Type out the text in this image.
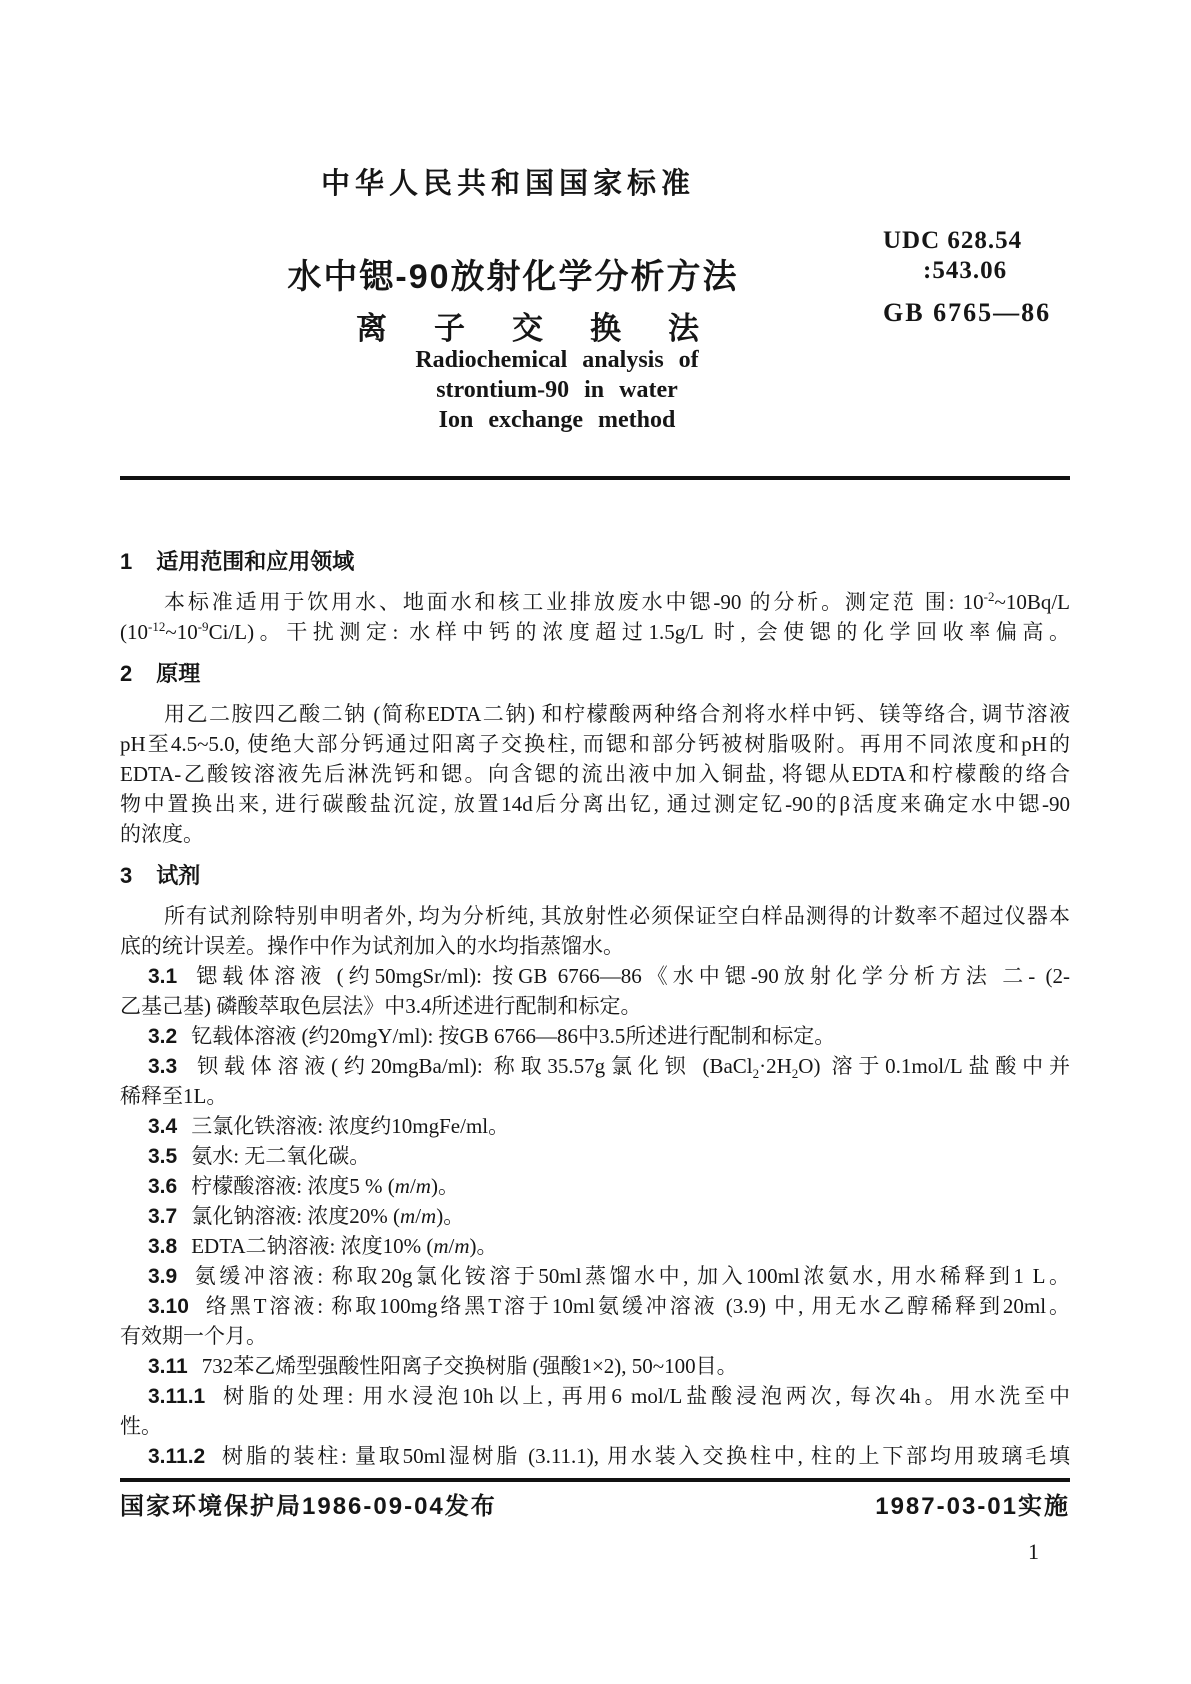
中华人民共和国国家标准
水中锶-90放射化学分析方法
离子交换法
UDC 628.54
:543.06
GB 6765—86
Radiochemical analysis of
strontium-90 in water
Ion exchange method
1 适用范围和应用领域
本标准适用于饮用水、地面水和核工业排放废水中锶-90 的分析。测定范 围: $10^{-2}\sim 10Bq/L$
$(10^{-12}\sim 10^{-9}Ci/L)$。干扰测定: 水样中钙的浓度超过1.5g/L 时, 会使锶的化学回收率偏高。
2 原理
用乙二胺四乙酸二钠 (简称EDTA二钠) 和柠檬酸两种络合剂将水样中钙、镁等络合, 调节溶液
pH至4.5~5.0, 使绝大部分钙通过阳离子交换柱, 而锶和部分钙被树脂吸附。再用不同浓度和pH的
EDTA-乙酸铵溶液先后淋洗钙和锶。向含锶的流出液中加入铜盐, 将锶从EDTA和柠檬酸的络合
物中置换出来, 进行碳酸盐沉淀, 放置14d后分离出钇, 通过测定钇-90的β活度来确定水中锶-90
的浓度。
3 试剂
所有试剂除特别申明者外, 均为分析纯, 其放射性必须保证空白样品测得的计数率不超过仪器本
底的统计误差。操作中作为试剂加入的水均指蒸馏水。
3.1 锶载体溶液 (约50mgSr/ml): 按GB 6766—86《水中锶-90放射化学分析方法 二- (2-
乙基己基) 磷酸萃取色层法》中3.4所述进行配制和标定。
3.2 钇载体溶液 (约20mgY/ml): 按GB 6766—86中3.5所述进行配制和标定。
3.3 钡载体溶液(约20mgBa/ml): 称取35.57g氯化钡 $(BaCl_2\cdot 2H_2O)$ 溶于0.1mol/L盐酸中并
稀释至1L。
3.4 三氯化铁溶液: 浓度约10mgFe/ml。
3.5 氨水: 无二氧化碳。
3.6 柠檬酸溶液: 浓度5 % (m/m)。
3.7 氯化钠溶液: 浓度20% (m/m)。
3.8 EDTA二钠溶液: 浓度10% (m/m)。
3.9 氨缓冲溶液: 称取20g氯化铵溶于50ml蒸馏水中, 加入100ml浓氨水, 用水稀释到1 L。
3.10 络黑T溶液: 称取100mg络黑T溶于10ml氨缓冲溶液 (3.9) 中, 用无水乙醇稀释到20ml。
有效期一个月。
3.11 732苯乙烯型强酸性阳离子交换树脂 (强酸1×2), 50~100目。
3.11.1 树脂的处理: 用水浸泡10h以上, 再用6 mol/L盐酸浸泡两次, 每次4h。用水洗至中
性。
3.11.2 树脂的装柱: 量取50ml湿树脂 (3.11.1), 用水装入交换柱中, 柱的上下部均用玻璃毛填
国家环境保护局1986-09-04发布	1987-03-01实施
1
